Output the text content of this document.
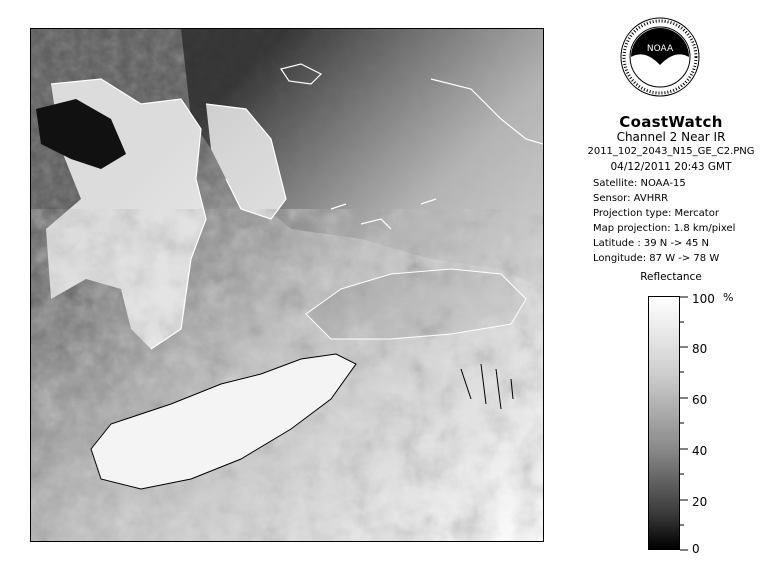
NOAA
CoastWatch
Channel 2 Near IR
2011_102_2043_N15_GE_C2.PNG
04/12/2011 20:43 GMT
Satellite: NOAA-15
Sensor: AVHRR
Projection type: Mercator
Map projection: 1.8 km/pixel
Latitude : 39 N -> 45 N
Longitude: 87 W -> 78 W
Reflectance
100
80
60
40
20
0
%
